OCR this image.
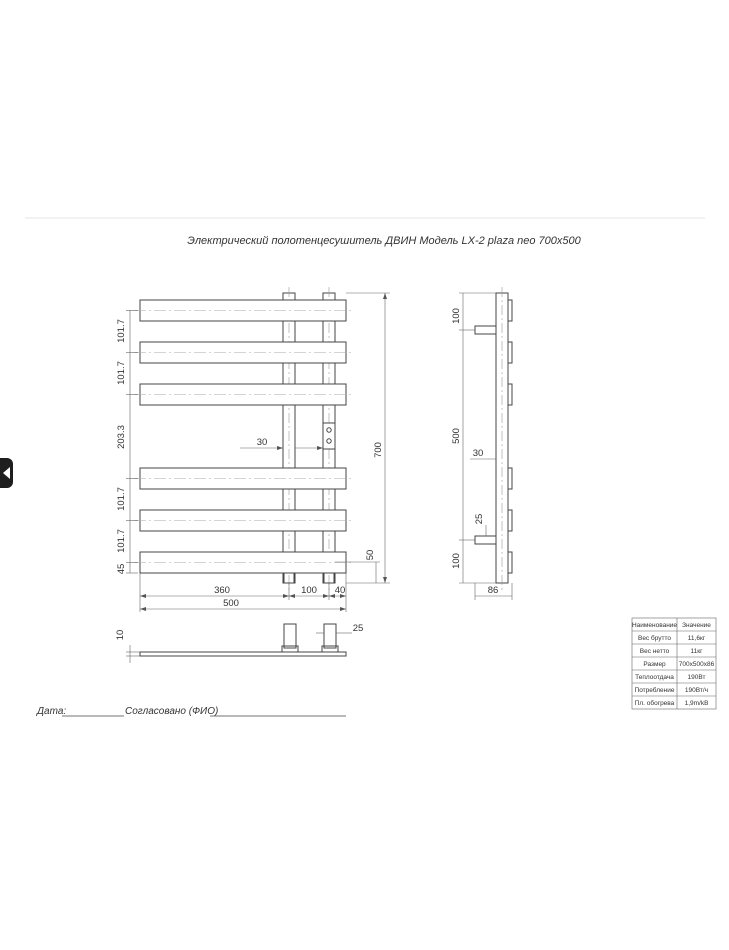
Электрический полотенцесушитель ДВИН Модель LX-2 plaza neo 700x500
101.7
101.7
203.3
101.7
101.7
45
700
50
30
360	100 40
500
100
500
30
25
100
86
10
25	Наименование Значение
Вес брутто	11,6кг
Вес нетто	11кг
Размер 700х500х86
Теплоотдача 190Вт
Потребление 190Вт/ч
Пл. обогрева 1,9m/kB
Дата:	Согласовано (ФИО)
